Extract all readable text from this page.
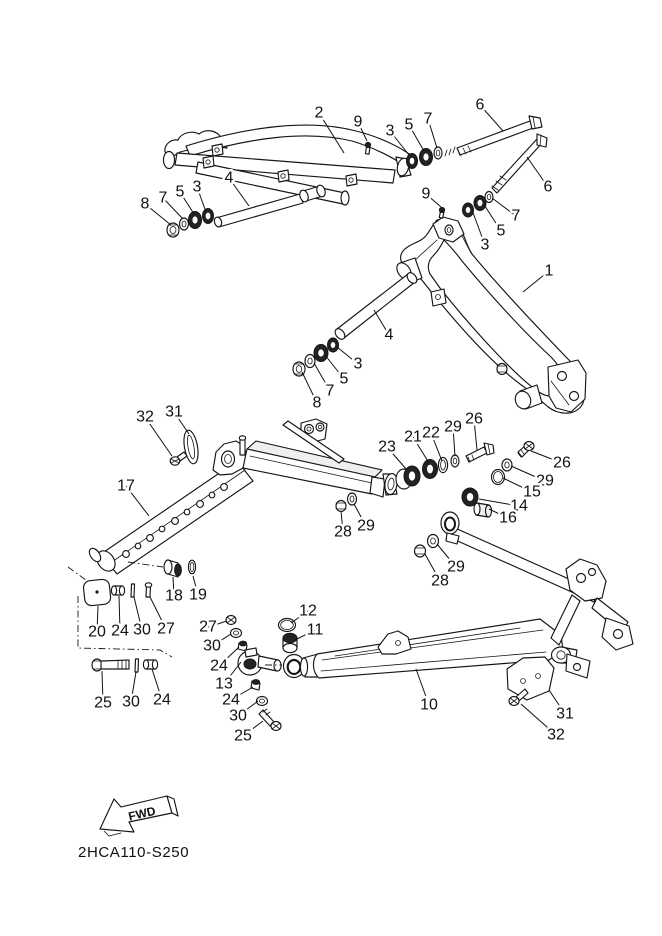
FWD
2HCA110-S250
2
9
3 5 7
6
6
8 7 5 3
4
9
7
5
3
1
4
3
5
7
8
32 31
17
28 29
18 19
20 24 30 27
25 30 24
27
30
24
13
24
30
25
12
11
23
21 22 29 26
26
29
15
14
16
29
28
10
31
32
